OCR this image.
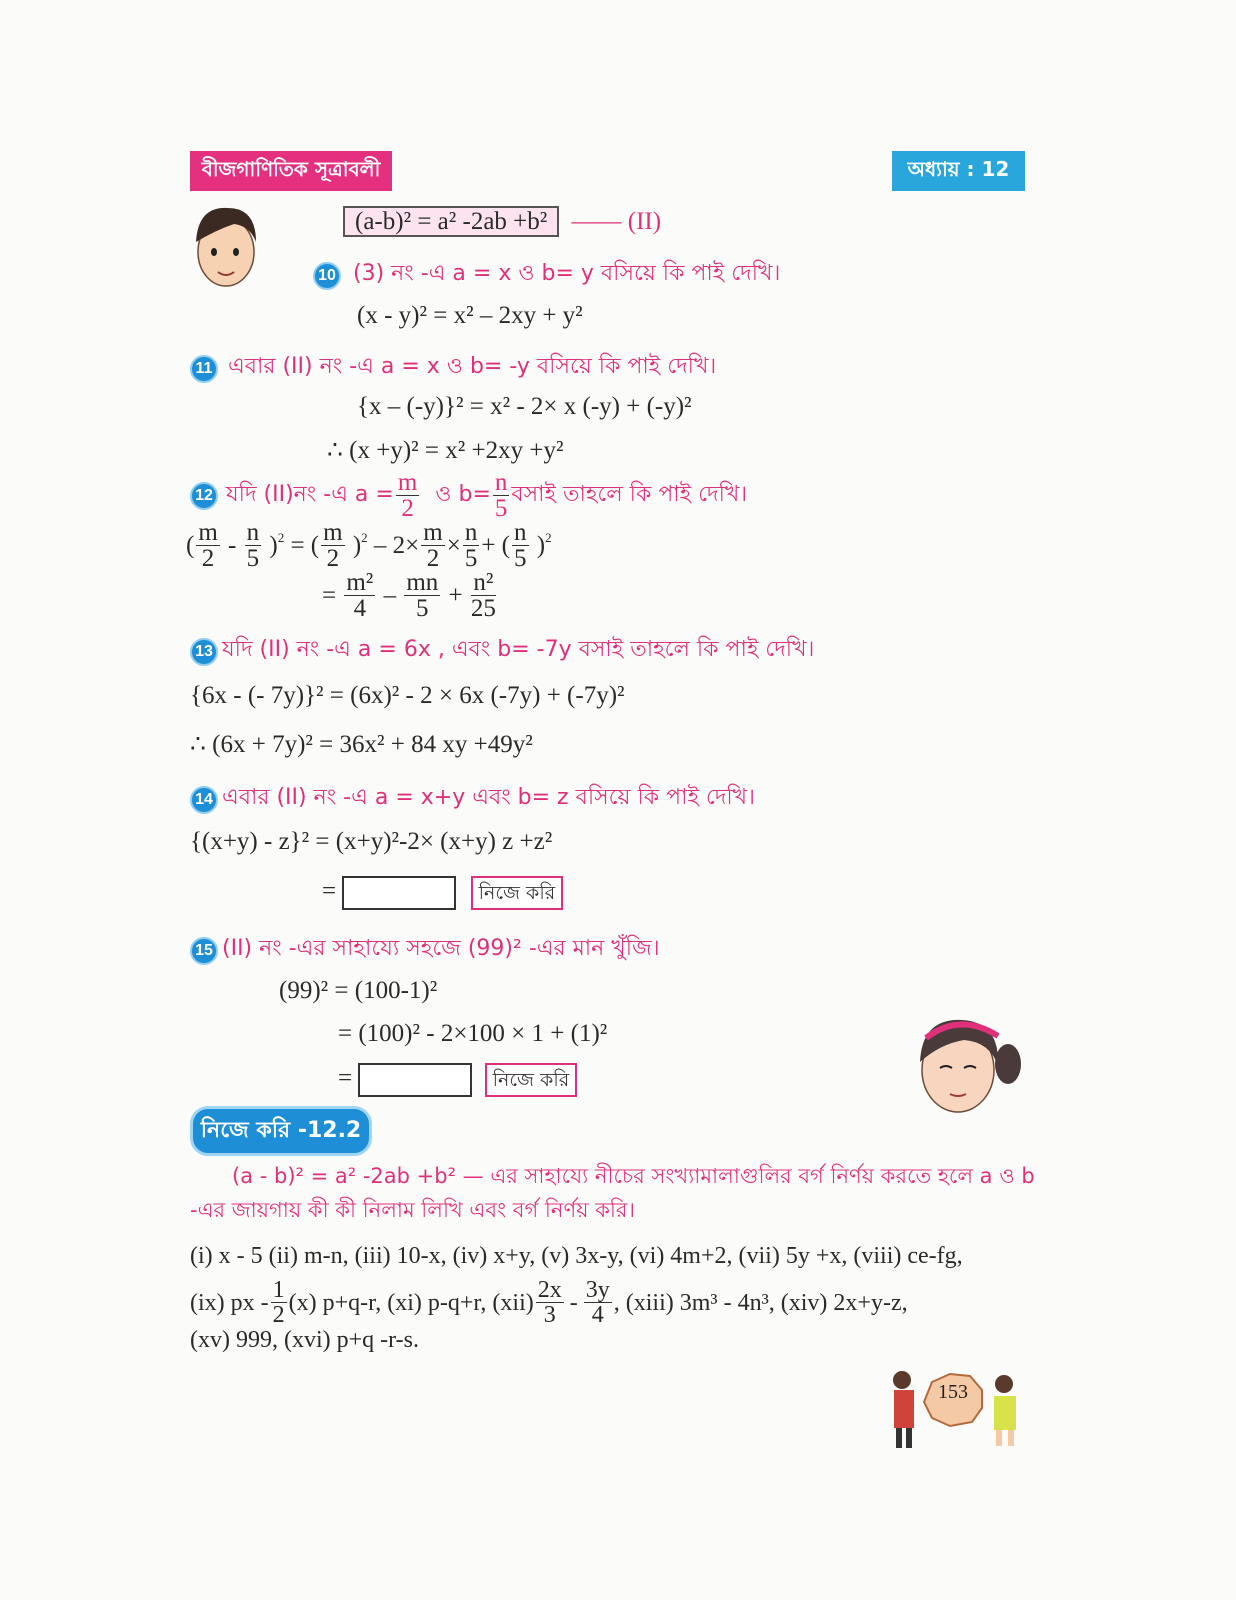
বীজগাণিতিক সূত্রাবলী	অধ্যায় : 12
(a-b)² = a² -2ab +b² —— (II)
10 (3) নং -এ a = x ও b= y বসিয়ে কি পাই দেখি।
(x - y)² = x² – 2xy + y²
11 এবার (II) নং -এ a = x ও b= -y বসিয়ে কি পাই দেখি।
{x – (-y)}² = x² - 2× x (-y) + (-y)²
∴ (x +y)² = x² +2xy +y²
12 যদি (II)নং -এ $a = \frac{m}{2}$ ও $b= \frac{n}{5}$ বসাই তাহলে কি পাই দেখি।
( $\frac{m}{2} - \frac{n}{5} )^2$ = ( $\frac{m}{2} )^2 - 2\times \frac{m}{2} \times \frac{n}{5}$ + ( $\frac{n}{5} )^2$
= $\frac{\text{m²}}{4} - \frac{mn}{5} + \frac{\text{n²}}{25}$
13 যদি (II) নং -এ a = 6x , এবং b= -7y বসাই তাহলে কি পাই দেখি।
{6x - (- 7y)}² = (6x)² - 2 × 6x (-7y) + (-7y)²
∴ (6x + 7y)² = 36x² + 84 xy +49y²
14 এবার (II) নং -এ a = x+y এবং b= z বসিয়ে কি পাই দেখি।
{(x+y) - z}² = (x+y)²-2× (x+y) z +z²
=	নিজে করি
15 (II) নং -এর সাহায্যে সহজে (99)² -এর মান খুঁজি।
(99)² = (100-1)²
= (100)² - 2×100 × 1 + (1)²
=	নিজে করি
নিজে করি -12.2
(a - b)² = a² -2ab +b² — এর সাহায্যে নীচের সংখ্যামালাগুলির বর্গ নির্ণয় করতে হলে a ও b
-এর জায়গায় কী কী নিলাম লিখি এবং বর্গ নির্ণয় করি।
(i) x - 5 (ii) m-n, (iii) 10-x, (iv) x+y, (v) 3x-y, (vi) 4m+2, (vii) 5y +x, (viii) ce-fg,
(ix) px - $\frac{1}{2} (x)$ p+q-r, (xi) p-q+r, $(xii) \frac{2x}{3} - \frac{3y}{4}$ , (xiii) 3m³ - 4n³, (xiv) 2x+y-z,
(xv) 999, (xvi) p+q -r-s.
153
